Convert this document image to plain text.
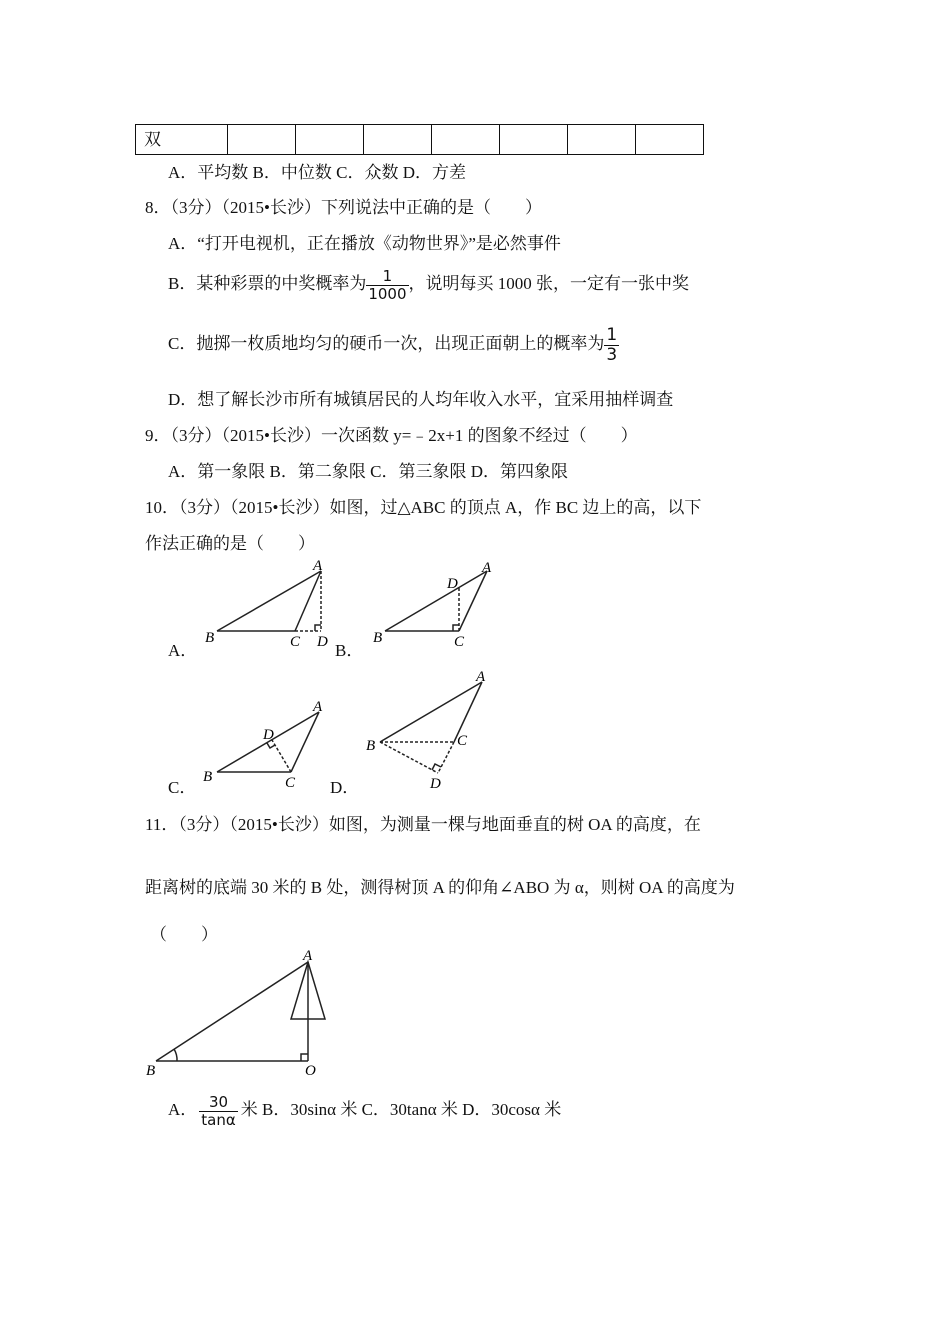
双							
A．平均数 B．中位数 C．众数 D．方差
8．（3分）（2015•长沙）下列说法中正确的是（　　）
A．“打开电视机，正在播放《动物世界》”是必然事件
B．某种彩票的中奖概率为 $\frac{1}{1000}$ ，说明每买 1000 张，一定有一张中奖
C．抛掷一枚质地均匀的硬币一次，出现正面朝上的概率为 $\frac{1}{3}$
D．想了解长沙市所有城镇居民的人均年收入水平，宜采用抽样调查
9．（3分）（2015•长沙）一次函数 y=﹣2x+1 的图象不经过（　　）
A．第一象限 B．第二象限 C．第三象限 D．第四象限
10．（3分）（2015•长沙）如图，过△ABC 的顶点 A，作 BC 边上的高，以下
作法正确的是（　　）
A．	B．
C．	D．
A
B	C D
A
D
B	C
A
D
B	C
A
B	C
D
11．（3分）（2015•长沙）如图，为测量一棵与地面垂直的树 OA 的高度，在
距离树的底端 30 米的 B 处，测得树顶 A 的仰角∠ABO 为 α，则树 OA 的高度为
（　　）
A
B	O
A． $\frac{30}{\tan\alpha}$ 米 B．30sinα 米 C．30tanα 米 D．30cosα 米
